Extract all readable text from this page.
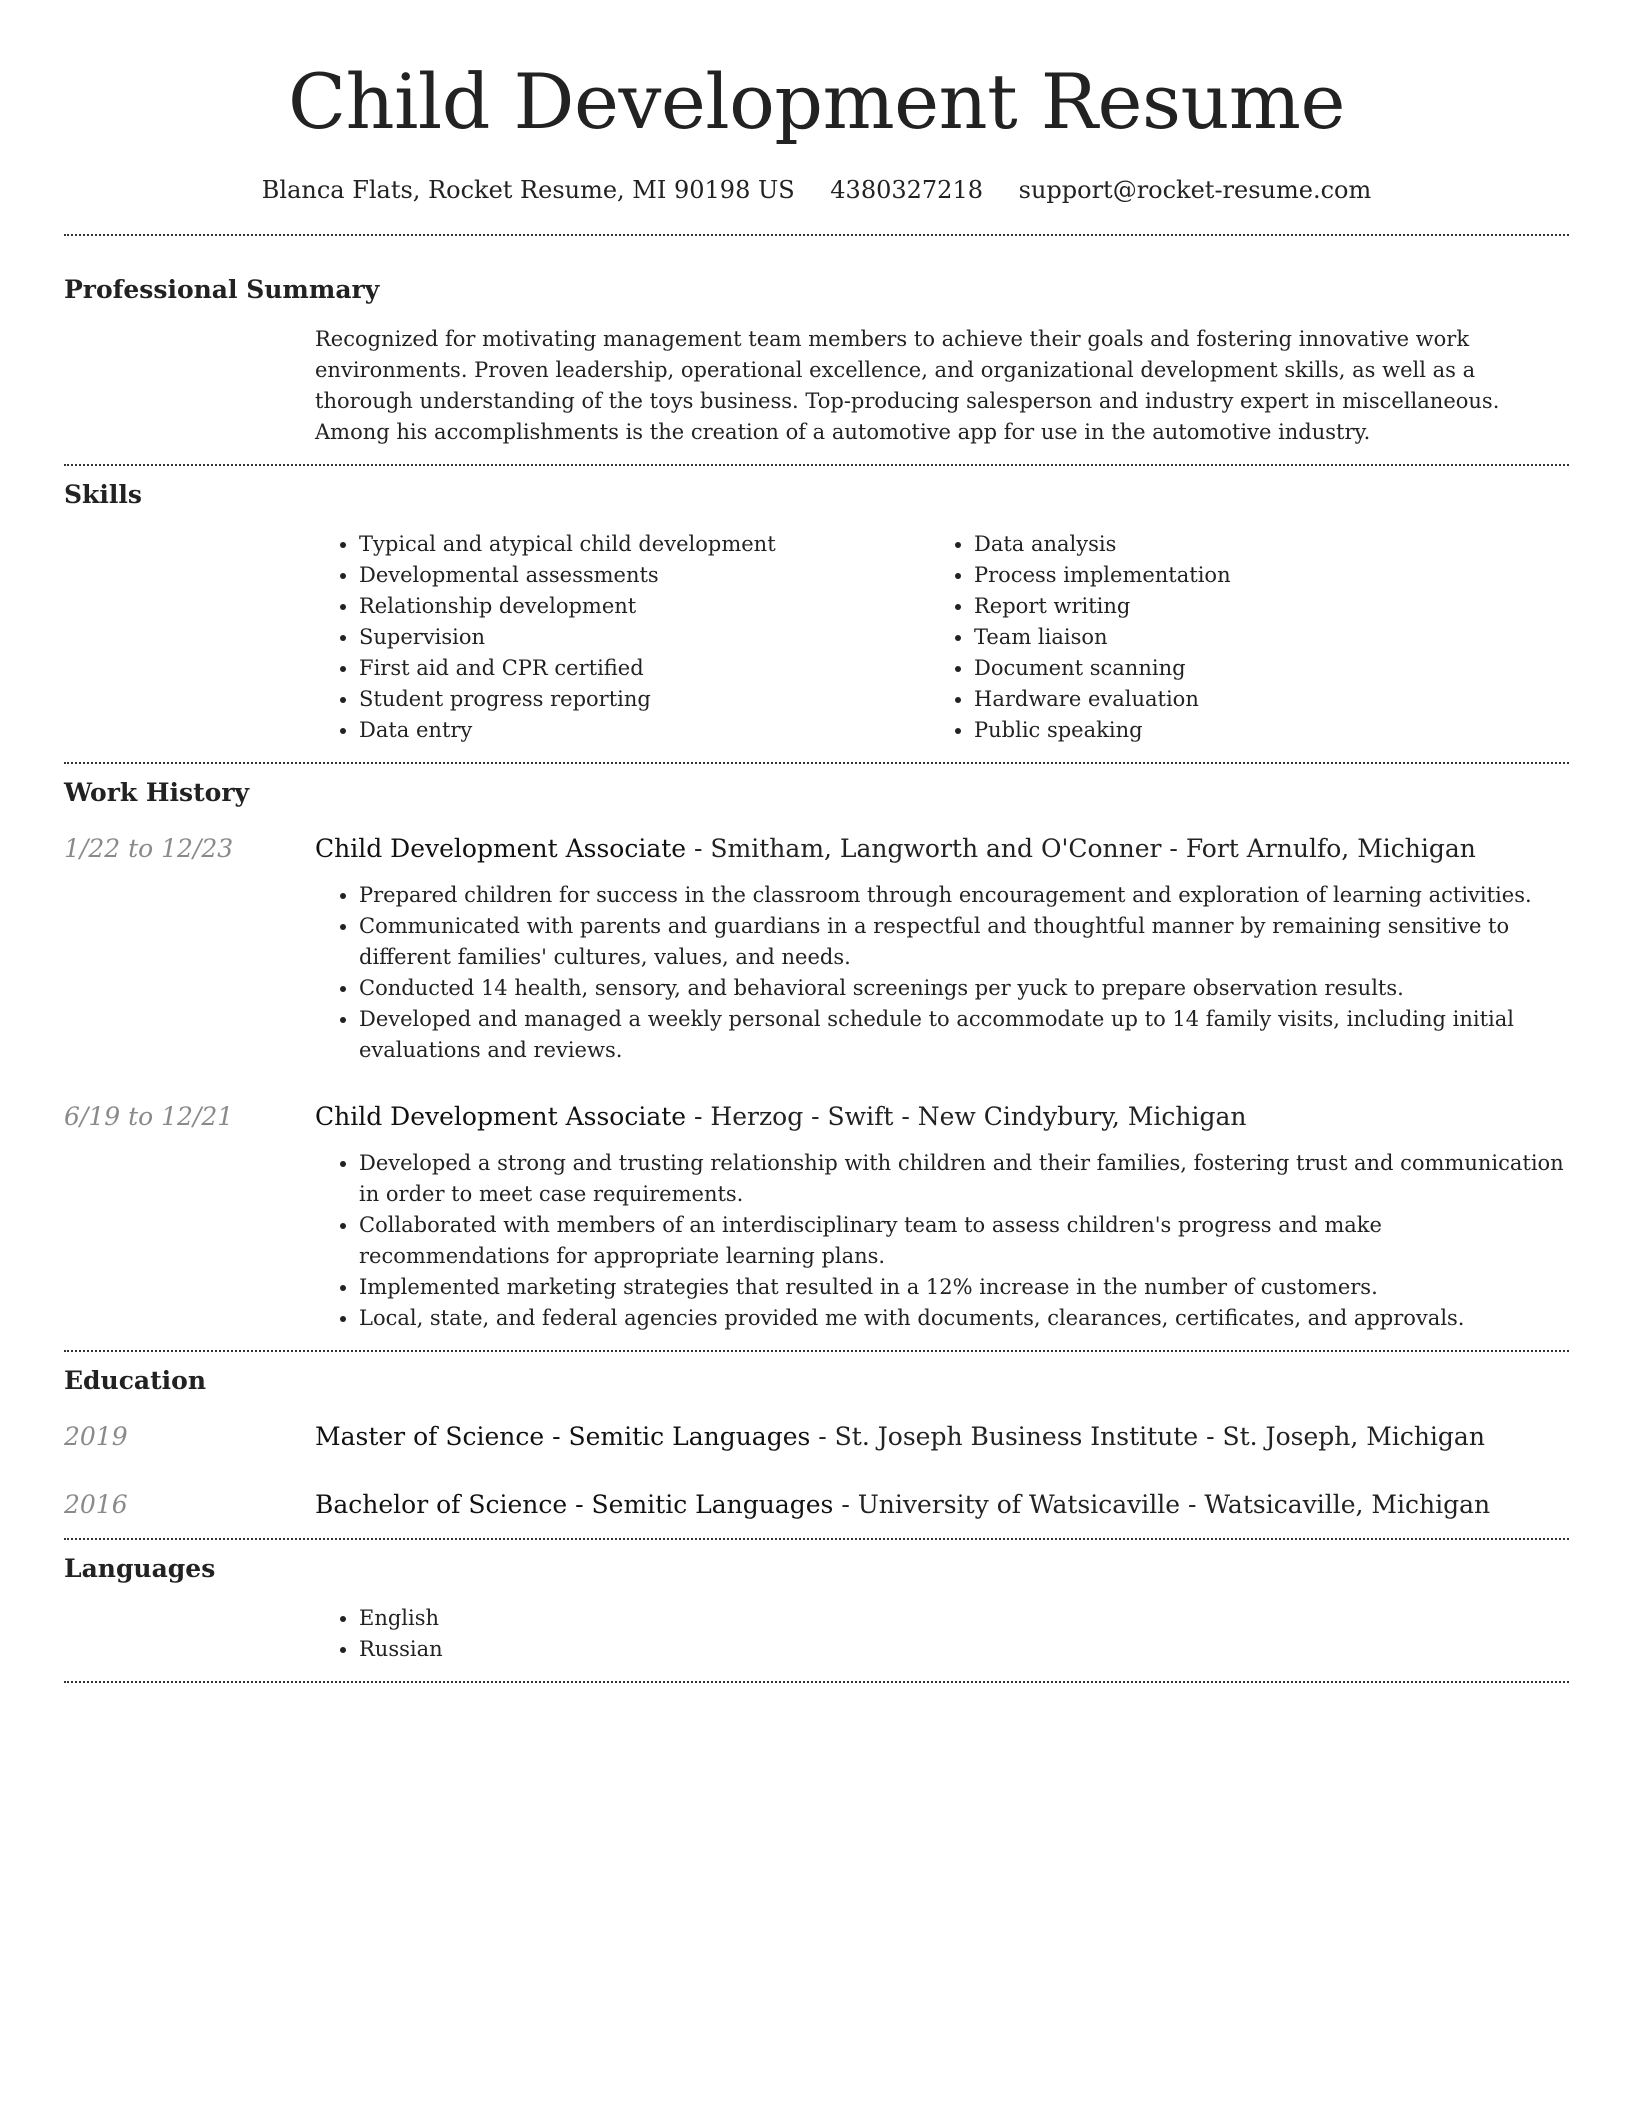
Child Development Resume
Blanca Flats, Rocket Resume, MI 90198 US 4380327218 support@rocket-resume.com
Professional Summary
Recognized for motivating management team members to achieve their goals and fostering innovative work environments. Proven leadership, operational excellence, and organizational development skills, as well as a thorough understanding of the toys business. Top-producing salesperson and industry expert in miscellaneous. Among his accomplishments is the creation of a automotive app for use in the automotive industry.
Skills
• Typical and atypical child development
• Developmental assessments
• Relationship development
• Supervision
• First aid and CPR certified
• Student progress reporting
• Data entry
• Data analysis
• Process implementation
• Report writing
• Team liaison
• Document scanning
• Hardware evaluation
• Public speaking
Work History
1/22 to 12/23	Child Development Associate - Smitham, Langworth and O'Conner - Fort Arnulfo, Michigan
• Prepared children for success in the classroom through encouragement and exploration of learning activities.
• Communicated with parents and guardians in a respectful and thoughtful manner by remaining sensitive to different families' cultures, values, and needs.
• Conducted 14 health, sensory, and behavioral screenings per yuck to prepare observation results.
• Developed and managed a weekly personal schedule to accommodate up to 14 family visits, including initial evaluations and reviews.
6/19 to 12/21	Child Development Associate - Herzog - Swift - New Cindybury, Michigan
• Developed a strong and trusting relationship with children and their families, fostering trust and communication in order to meet case requirements.
• Collaborated with members of an interdisciplinary team to assess children's progress and make recommendations for appropriate learning plans.
• Implemented marketing strategies that resulted in a 12% increase in the number of customers.
• Local, state, and federal agencies provided me with documents, clearances, certificates, and approvals.
Education
2019	Master of Science - Semitic Languages - St. Joseph Business Institute - St. Joseph, Michigan
2016	Bachelor of Science - Semitic Languages - University of Watsicaville - Watsicaville, Michigan
Languages
• English
• Russian
